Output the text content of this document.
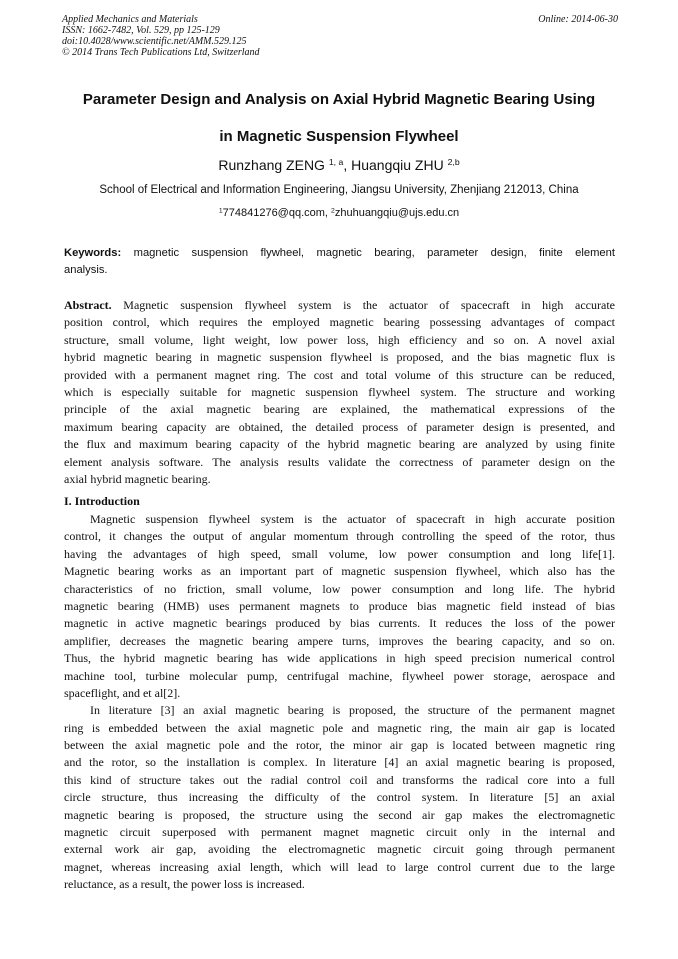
Applied Mechanics and Materials
ISSN: 1662-7482, Vol. 529, pp 125-129
doi:10.4028/www.scientific.net/AMM.529.125
© 2014 Trans Tech Publications Ltd, Switzerland
Online: 2014-06-30
Parameter Design and Analysis on Axial Hybrid Magnetic Bearing Using
in Magnetic Suspension Flywheel
Runzhang ZENG $^{1, a}$, Huangqiu ZHU $^{2,b}$
School of Electrical and Information Engineering, Jiangsu University, Zhenjiang 212013, China
$^1$774841276@qq.com, $^2$zhuhuangqiu@ujs.edu.cn
Keywords: magnetic suspension flywheel, magnetic bearing, parameter design, finite element
analysis.
Abstract. Magnetic suspension flywheel system is the actuator of spacecraft in high accurate
position control, which requires the employed magnetic bearing possessing advantages of compact
structure, small volume, light weight, low power loss, high efficiency and so on. A novel axial
hybrid magnetic bearing in magnetic suspension flywheel is proposed, and the bias magnetic flux is
provided with a permanent magnet ring. The cost and total volume of this structure can be reduced,
which is especially suitable for magnetic suspension flywheel system. The structure and working
principle of the axial magnetic bearing are explained, the mathematical expressions of the
maximum bearing capacity are obtained, the detailed process of parameter design is presented, and
the flux and maximum bearing capacity of the hybrid magnetic bearing are analyzed by using finite
element analysis software. The analysis results validate the correctness of parameter design on the
axial hybrid magnetic bearing.
I. Introduction
Magnetic suspension flywheel system is the actuator of spacecraft in high accurate position
control, it changes the output of angular momentum through controlling the speed of the rotor, thus
having the advantages of high speed, small volume, low power consumption and long life[1].
Magnetic bearing works as an important part of magnetic suspension flywheel, which also has the
characteristics of no friction, small volume, low power consumption and long life. The hybrid
magnetic bearing (HMB) uses permanent magnets to produce bias magnetic field instead of bias
magnetic in active magnetic bearings produced by bias currents. It reduces the loss of the power
amplifier, decreases the magnetic bearing ampere turns, improves the bearing capacity, and so on.
Thus, the hybrid magnetic bearing has wide applications in high speed precision numerical control
machine tool, turbine molecular pump, centrifugal machine, flywheel power storage, aerospace and
spaceflight, and et al[2].
In literature [3] an axial magnetic bearing is proposed, the structure of the permanent magnet
ring is embedded between the axial magnetic pole and magnetic ring, the main air gap is located
between the axial magnetic pole and the rotor, the minor air gap is located between magnetic ring
and the rotor, so the installation is complex. In literature [4] an axial magnetic bearing is proposed,
this kind of structure takes out the radial control coil and transforms the radical core into a full
circle structure, thus increasing the difficulty of the control system. In literature [5] an axial
magnetic bearing is proposed, the structure using the second air gap makes the electromagnetic
magnetic circuit superposed with permanent magnet magnetic circuit only in the internal and
external work air gap, avoiding the electromagnetic magnetic circuit going through permanent
magnet, whereas increasing axial length, which will lead to large control current due to the large
reluctance, as a result, the power loss is increased.
